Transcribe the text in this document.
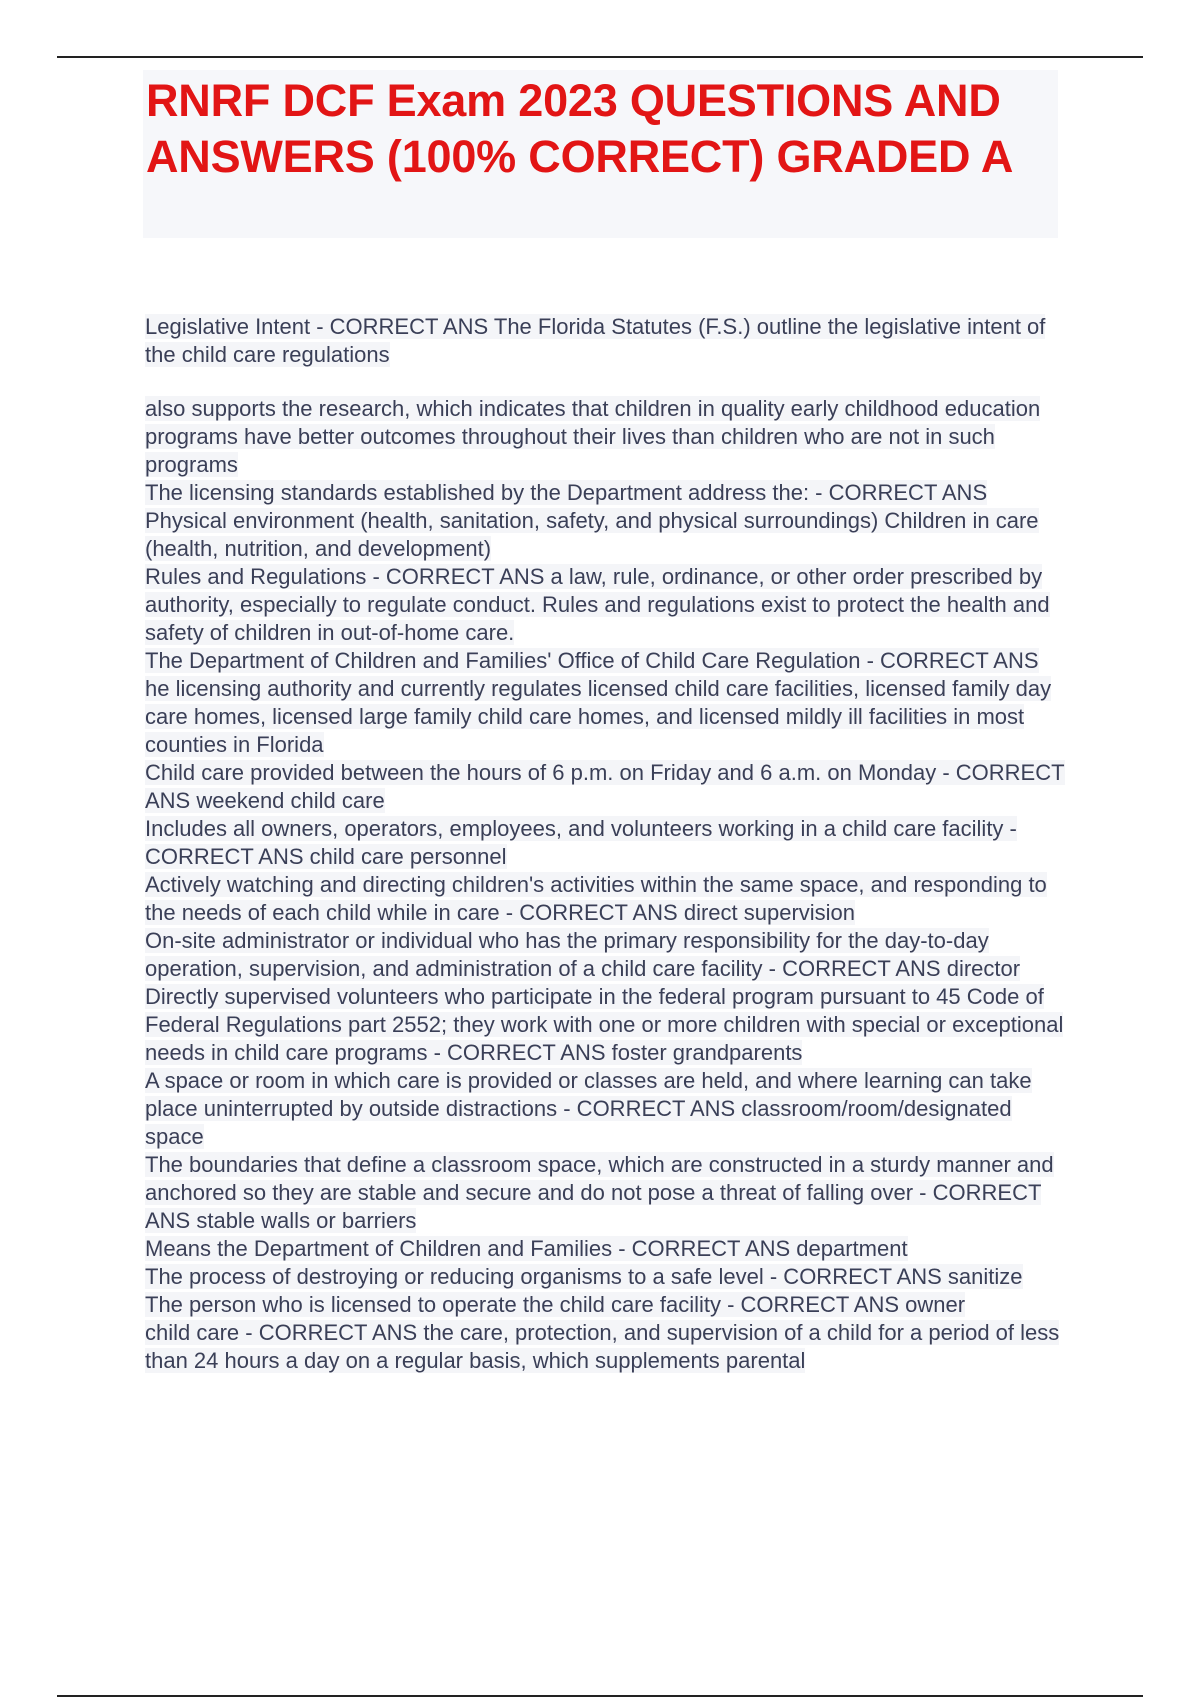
RNRF DCF Exam 2023 QUESTIONS AND ANSWERS (100% CORRECT) GRADED A
Legislative Intent - CORRECT ANS The Florida Statutes (F.S.) outline the legislative intent of the child care regulations
also supports the research, which indicates that children in quality early childhood education programs have better outcomes throughout their lives than children who are not in such programs
The licensing standards established by the Department address the: - CORRECT ANS Physical environment (health, sanitation, safety, and physical surroundings) Children in care (health, nutrition, and development)
Rules and Regulations - CORRECT ANS a law, rule, ordinance, or other order prescribed by authority, especially to regulate conduct. Rules and regulations exist to protect the health and safety of children in out-of-home care.
The Department of Children and Families' Office of Child Care Regulation - CORRECT ANS he licensing authority and currently regulates licensed child care facilities, licensed family day care homes, licensed large family child care homes, and licensed mildly ill facilities in most counties in Florida
Child care provided between the hours of 6 p.m. on Friday and 6 a.m. on Monday - CORRECT ANS weekend child care
Includes all owners, operators, employees, and volunteers working in a child care facility - CORRECT ANS child care personnel
Actively watching and directing children's activities within the same space, and responding to the needs of each child while in care - CORRECT ANS direct supervision
On-site administrator or individual who has the primary responsibility for the day-to-day operation, supervision, and administration of a child care facility - CORRECT ANS director
Directly supervised volunteers who participate in the federal program pursuant to 45 Code of Federal Regulations part 2552; they work with one or more children with special or exceptional needs in child care programs - CORRECT ANS foster grandparents
A space or room in which care is provided or classes are held, and where learning can take place uninterrupted by outside distractions - CORRECT ANS classroom/room/designated space
The boundaries that define a classroom space, which are constructed in a sturdy manner and anchored so they are stable and secure and do not pose a threat of falling over - CORRECT ANS stable walls or barriers
Means the Department of Children and Families - CORRECT ANS department
The process of destroying or reducing organisms to a safe level - CORRECT ANS sanitize
The person who is licensed to operate the child care facility - CORRECT ANS owner
child care - CORRECT ANS the care, protection, and supervision of a child for a period of less than 24 hours a day on a regular basis, which supplements parental
